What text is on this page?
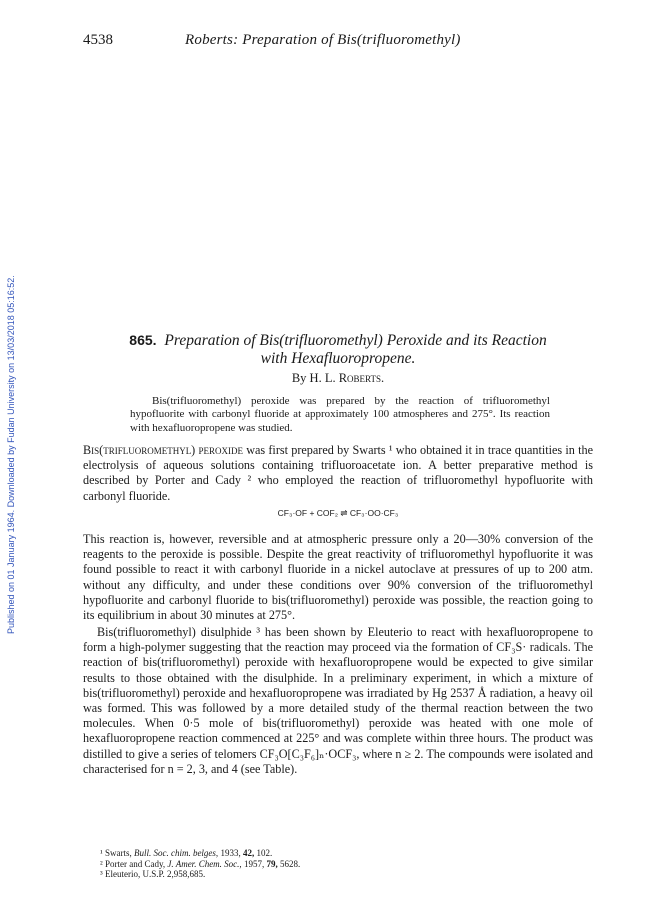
Published on 01 January 1964. Downloaded by Fudan University on 13/03/2018 05:16:52.
4538	Roberts: Preparation of Bis(trifluoromethyl)
865. Preparation of Bis(trifluoromethyl) Peroxide and its Reaction
with Hexafluoropropene.
By H. L. Roberts.
Bis(trifluoromethyl) peroxide was prepared by the reaction of trifluoromethyl hypofluorite with carbonyl fluoride at approximately 100 atmospheres and 275°. Its reaction with hexafluoropropene was studied.
Bis(trifluoromethyl) peroxide was first prepared by Swarts ¹ who obtained it in trace quantities in the electrolysis of aqueous solutions containing trifluoroacetate ion. A better preparative method is described by Porter and Cady ² who employed the reaction of trifluoromethyl hypofluorite with carbonyl fluoride.
CF₃·OF + COF₂ ⇌ CF₃·OO·CF₃
This reaction is, however, reversible and at atmospheric pressure only a 20—30% conversion of the reagents to the peroxide is possible. Despite the great reactivity of trifluoromethyl hypofluorite it was found possible to react it with carbonyl fluoride in a nickel autoclave at pressures of up to 200 atm. without any difficulty, and under these conditions over 90% conversion of the trifluoromethyl hypofluorite and carbonyl fluoride to bis(trifluoromethyl) peroxide was possible, the reaction going to its equilibrium in about 30 minutes at 275°.
Bis(trifluoromethyl) disulphide ³ has been shown by Eleuterio to react with hexafluoropropene to form a high-polymer suggesting that the reaction may proceed via the formation of CF₃S· radicals. The reaction of bis(trifluoromethyl) peroxide with hexafluoropropene would be expected to give similar results to those obtained with the disulphide. In a preliminary experiment, in which a mixture of bis(trifluoromethyl) peroxide and hexafluoropropene was irradiated by Hg 2537 Å radiation, a heavy oil was formed. This was followed by a more detailed study of the thermal reaction between the two molecules. When 0·5 mole of bis(trifluoromethyl) peroxide was heated with one mole of hexafluoropropene reaction commenced at 225° and was complete within three hours. The product was distilled to give a series of telomers CF₃O[C₃F₆]ₙ·OCF₃, where n ≥ 2. The compounds were isolated and characterised for n = 2, 3, and 4 (see Table).
¹ Swarts, Bull. Soc. chim. belges, 1933, 42, 102.
² Porter and Cady, J. Amer. Chem. Soc., 1957, 79, 5628.
³ Eleuterio, U.S.P. 2,958,685.
